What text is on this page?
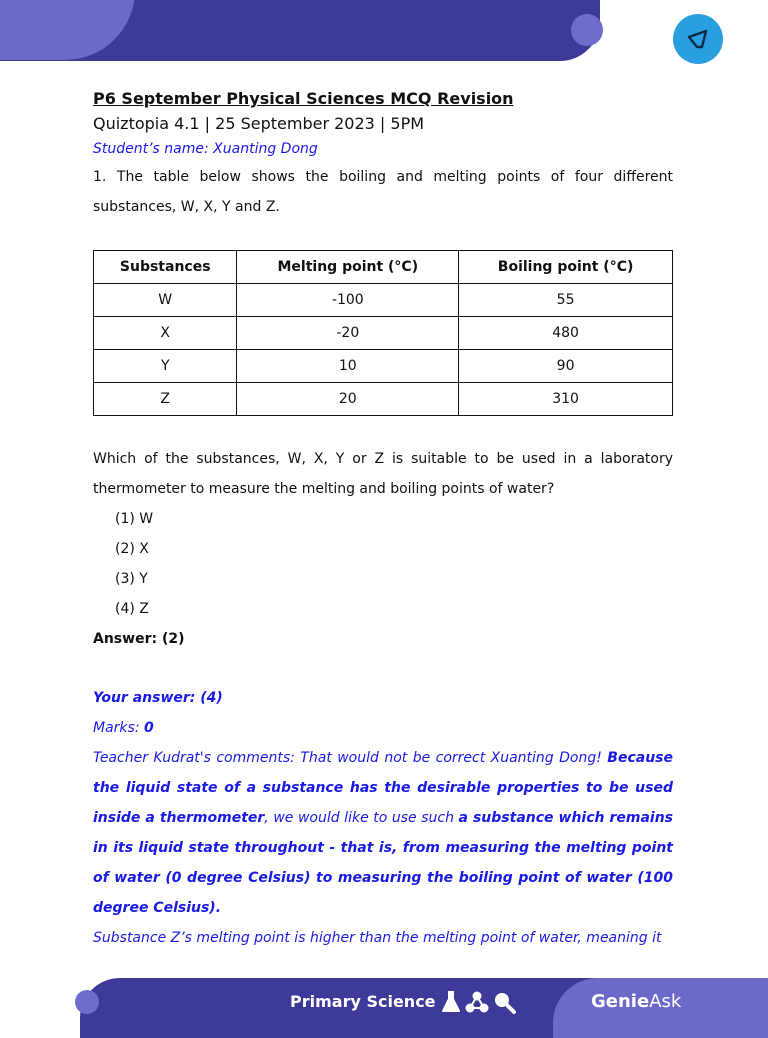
P6 September Physical Sciences MCQ Revision

Quiztopia 4.1 | 25 September 2023 | 5PM

Student’s name: Xuanting Dong

1. The table below shows the boiling and melting points of four different substances, W, X, Y and Z.

Substances	Melting point (°C)	Boiling point (°C)
W	-100	55
X	-20	480
Y	10	90
Z	20	310

Which of the substances, W, X, Y or Z is suitable to be used in a laboratory thermometer to measure the melting and boiling points of water?

(1) W

(2) X

(3) Y

(4) Z

Answer: (2)

Your answer: (4)

Marks: 0

Teacher Kudrat's comments: That would not be correct Xuanting Dong! Because the liquid state of a substance has the desirable properties to be used inside a thermometer, we would like to use such a substance which remains in its liquid state throughout - that is, from measuring the melting point of water (0 degree Celsius) to measuring the boiling point of water (100 degree Celsius).

Substance Z’s melting point is higher than the melting point of water, meaning it

Primary Science	GenieAsk
